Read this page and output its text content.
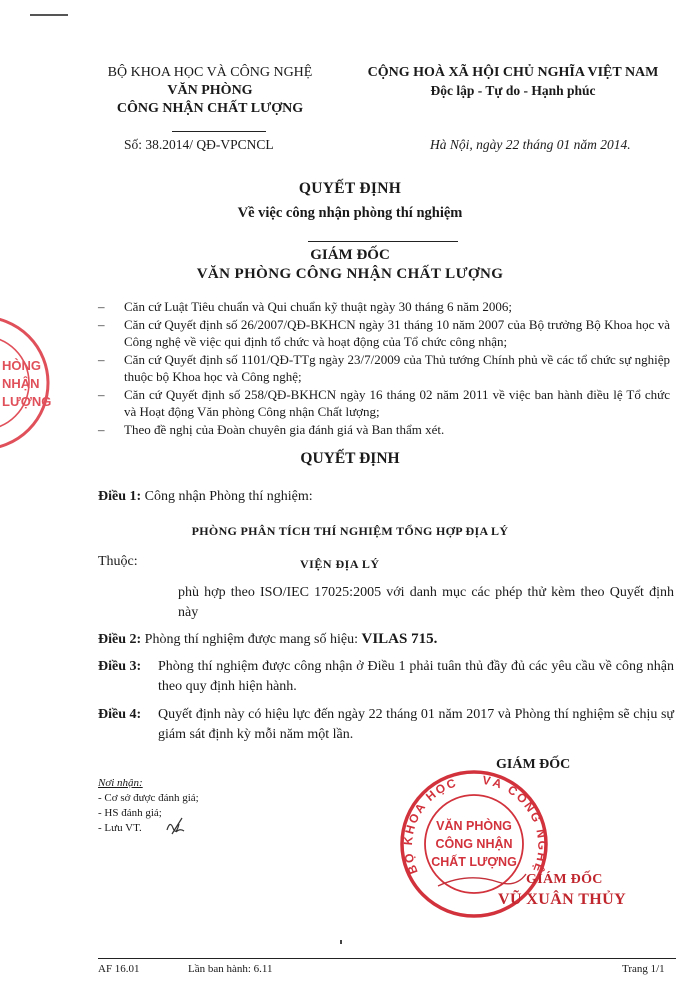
BỘ KHOA HỌC VÀ CÔNG NGHỆ
VĂN PHÒNG
CÔNG NHẬN CHẤT LƯỢNG
CỘNG HOÀ XÃ HỘI CHỦ NGHĨA VIỆT NAM
Độc lập - Tự do - Hạnh phúc
Số: 38.2014/ QĐ-VPCNCL	Hà Nội, ngày 22 tháng 01 năm 2014.
QUYẾT ĐỊNH
Về việc công nhận phòng thí nghiệm
GIÁM ĐỐC
VĂN PHÒNG CÔNG NHẬN CHẤT LƯỢNG
– Căn cứ Luật Tiêu chuẩn và Qui chuẩn kỹ thuật ngày 30 tháng 6 năm 2006;
– Căn cứ Quyết định số 26/2007/QĐ-BKHCN ngày 31 tháng 10 năm 2007 của Bộ trưởng Bộ Khoa học và Công nghệ về việc qui định tổ chức và hoạt động của Tổ chức công nhận;
– Căn cứ Quyết định số 1101/QĐ-TTg ngày 23/7/2009 của Thủ tướng Chính phủ về các tổ chức sự nghiệp thuộc bộ Khoa học và Công nghệ;
– Căn cứ Quyết định số 258/QĐ-BKHCN ngày 16 tháng 02 năm 2011 về việc ban hành điều lệ Tổ chức và Hoạt động Văn phòng Công nhận Chất lượng;
– Theo đề nghị của Đoàn chuyên gia đánh giá và Ban thẩm xét.
QUYẾT ĐỊNH
Điều 1: Công nhận Phòng thí nghiệm:
PHÒNG PHÂN TÍCH THÍ NGHIỆM TỔNG HỢP ĐỊA LÝ
Thuộc:	VIỆN ĐỊA LÝ
phù hợp theo ISO/IEC 17025:2005 với danh mục các phép thử kèm theo Quyết định này
Điều 2: Phòng thí nghiệm được mang số hiệu: VILAS 715.
Điều 3:	Phòng thí nghiệm được công nhận ở Điều 1 phải tuân thủ đầy đủ các yêu cầu về công nhận theo quy định hiện hành.
Điều 4:	Quyết định này có hiệu lực đến ngày 22 tháng 01 năm 2017 và Phòng thí nghiệm sẽ chịu sự giám sát định kỳ mỗi năm một lần.
GIÁM ĐỐC
Nơi nhận:
- Cơ sở được đánh giá;
- HS đánh giá;
- Lưu VT.
HÒNG
NHẬN
LƯỢNG
BỘ KHOA HỌC VÀ CÔNG NGHỆ
VĂN PHÒNG
CÔNG NHẬN
CHẤT LƯỢNG
GIÁM ĐỐC
VŨ XUÂN THỦY
AF 16.01	Lần ban hành: 6.11	Trang 1/1
